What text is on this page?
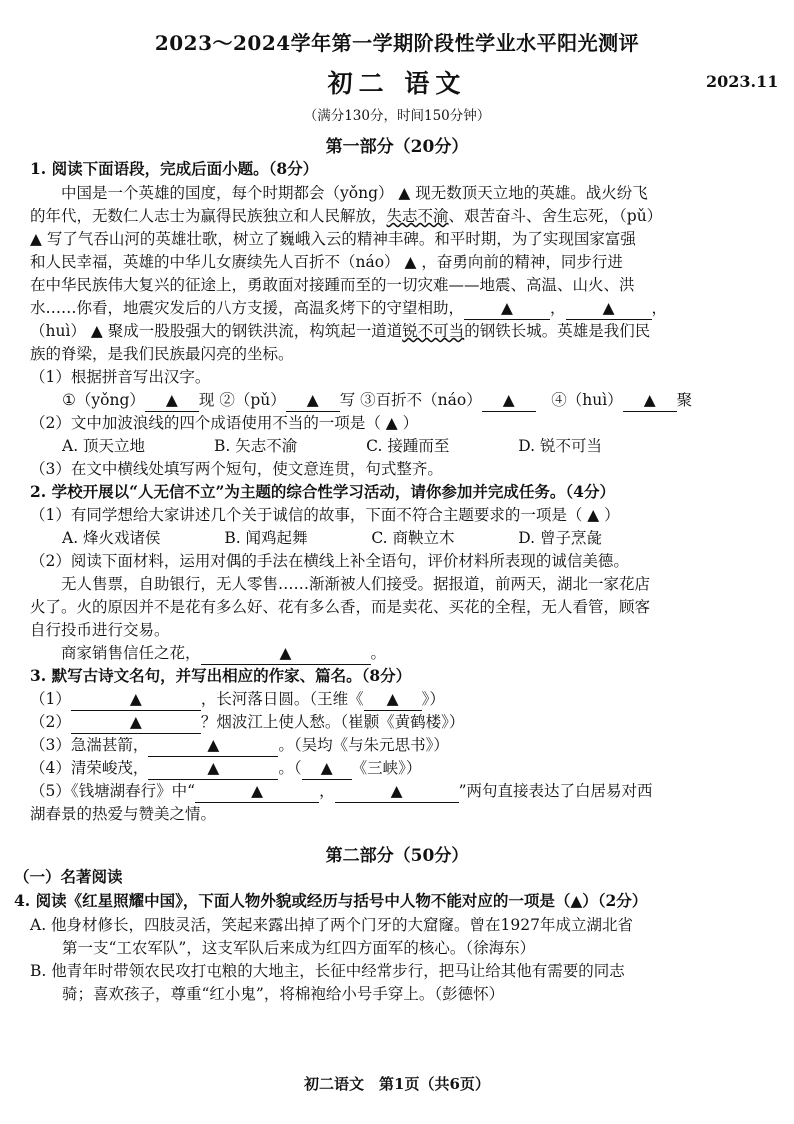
2023～2024学年第一学期阶段性学业水平阳光测评
初二 语文	2023.11
（满分130分，时间150分钟）
第一部分（20分）
1. 阅读下面语段，完成后面小题。（8分）
　　中国是一个英雄的国度，每个时期都会（yǒng） ▲ 现无数顶天立地的英雄。战火纷飞
的年代，无数仁人志士为赢得民族独立和人民解放，失志不渝、艰苦奋斗、舍生忘死，（pǔ）
▲ 写了气吞山河的英雄壮歌，树立了巍峨入云的精神丰碑。和平时期，为了实现国家富强
和人民幸福，英雄的中华儿女赓续先人百折不（náo） ▲ ，奋勇向前的精神，同步行进
在中华民族伟大复兴的征途上，勇敢面对接踵而至的一切灾难——地震、高温、山火、洪
水……你看，地震灾发后的八方支援，高温炙烤下的守望相助， ▲ ， ▲ ，
（huì） ▲ 聚成一股股强大的钢铁洪流，构筑起一道道锐不可当的钢铁长城。英雄是我们民
族的脊梁，是我们民族最闪亮的坐标。
（1）根据拼音写出汉字。
①（yǒng） ▲ 现 ②（pǔ） ▲ 写 ③百折不（náo） ▲　 ④（huì） ▲ 聚
（2）文中加波浪线的四个成语使用不当的一项是（ ▲ ）
A. 顶天立地	B. 矢志不渝	C. 接踵而至	D. 锐不可当
（3）在文中横线处填写两个短句，使文意连贯，句式整齐。
2. 学校开展以“人无信不立”为主题的综合性学习活动，请你参加并完成任务。（4分）
（1）有同学想给大家讲述几个关于诚信的故事，下面不符合主题要求的一项是（ ▲ ）
A. 烽火戏诸侯	B. 闻鸡起舞	C. 商鞅立木	D. 曾子烹彘
（2）阅读下面材料，运用对偶的手法在横线上补全语句，评价材料所表现的诚信美德。
　　无人售票，自助银行，无人零售……渐渐被人们接受。据报道，前两天，湖北一家花店
火了。火的原因并不是花有多么好、花有多么香，而是卖花、买花的全程，无人看管，顾客
自行投币进行交易。
　　商家销售信任之花，	▲	。
3. 默写古诗文名句，并写出相应的作家、篇名。（8分）
（1）	▲	，长河落日圆。（王维《 ▲ 》）
（2）	▲	？烟波江上使人愁。（崔颢《黄鹤楼》）
（3）急湍甚箭，	▲	。（吴均《与朱元思书》）
（4）清荣峻茂，	▲	。（ ▲ 《三峡》）
（5）《钱塘湖春行》中“	▲	，	▲	”两句直接表达了白居易对西
湖春景的热爱与赞美之情。
第二部分（50分）
（一）名著阅读
4. 阅读《红星照耀中国》，下面人物外貌或经历与括号中人物不能对应的一项是（▲）（2分）
A. 他身材修长，四肢灵活，笑起来露出掉了两个门牙的大窟窿。曾在1927年成立湖北省
第一支“工农军队”，这支军队后来成为红四方面军的核心。（徐海东）
B. 他青年时带领农民攻打屯粮的大地主，长征中经常步行，把马让给其他有需要的同志
骑；喜欢孩子，尊重“红小鬼”，将棉袍给小号手穿上。（彭德怀）
初二语文　第1页（共6页）
